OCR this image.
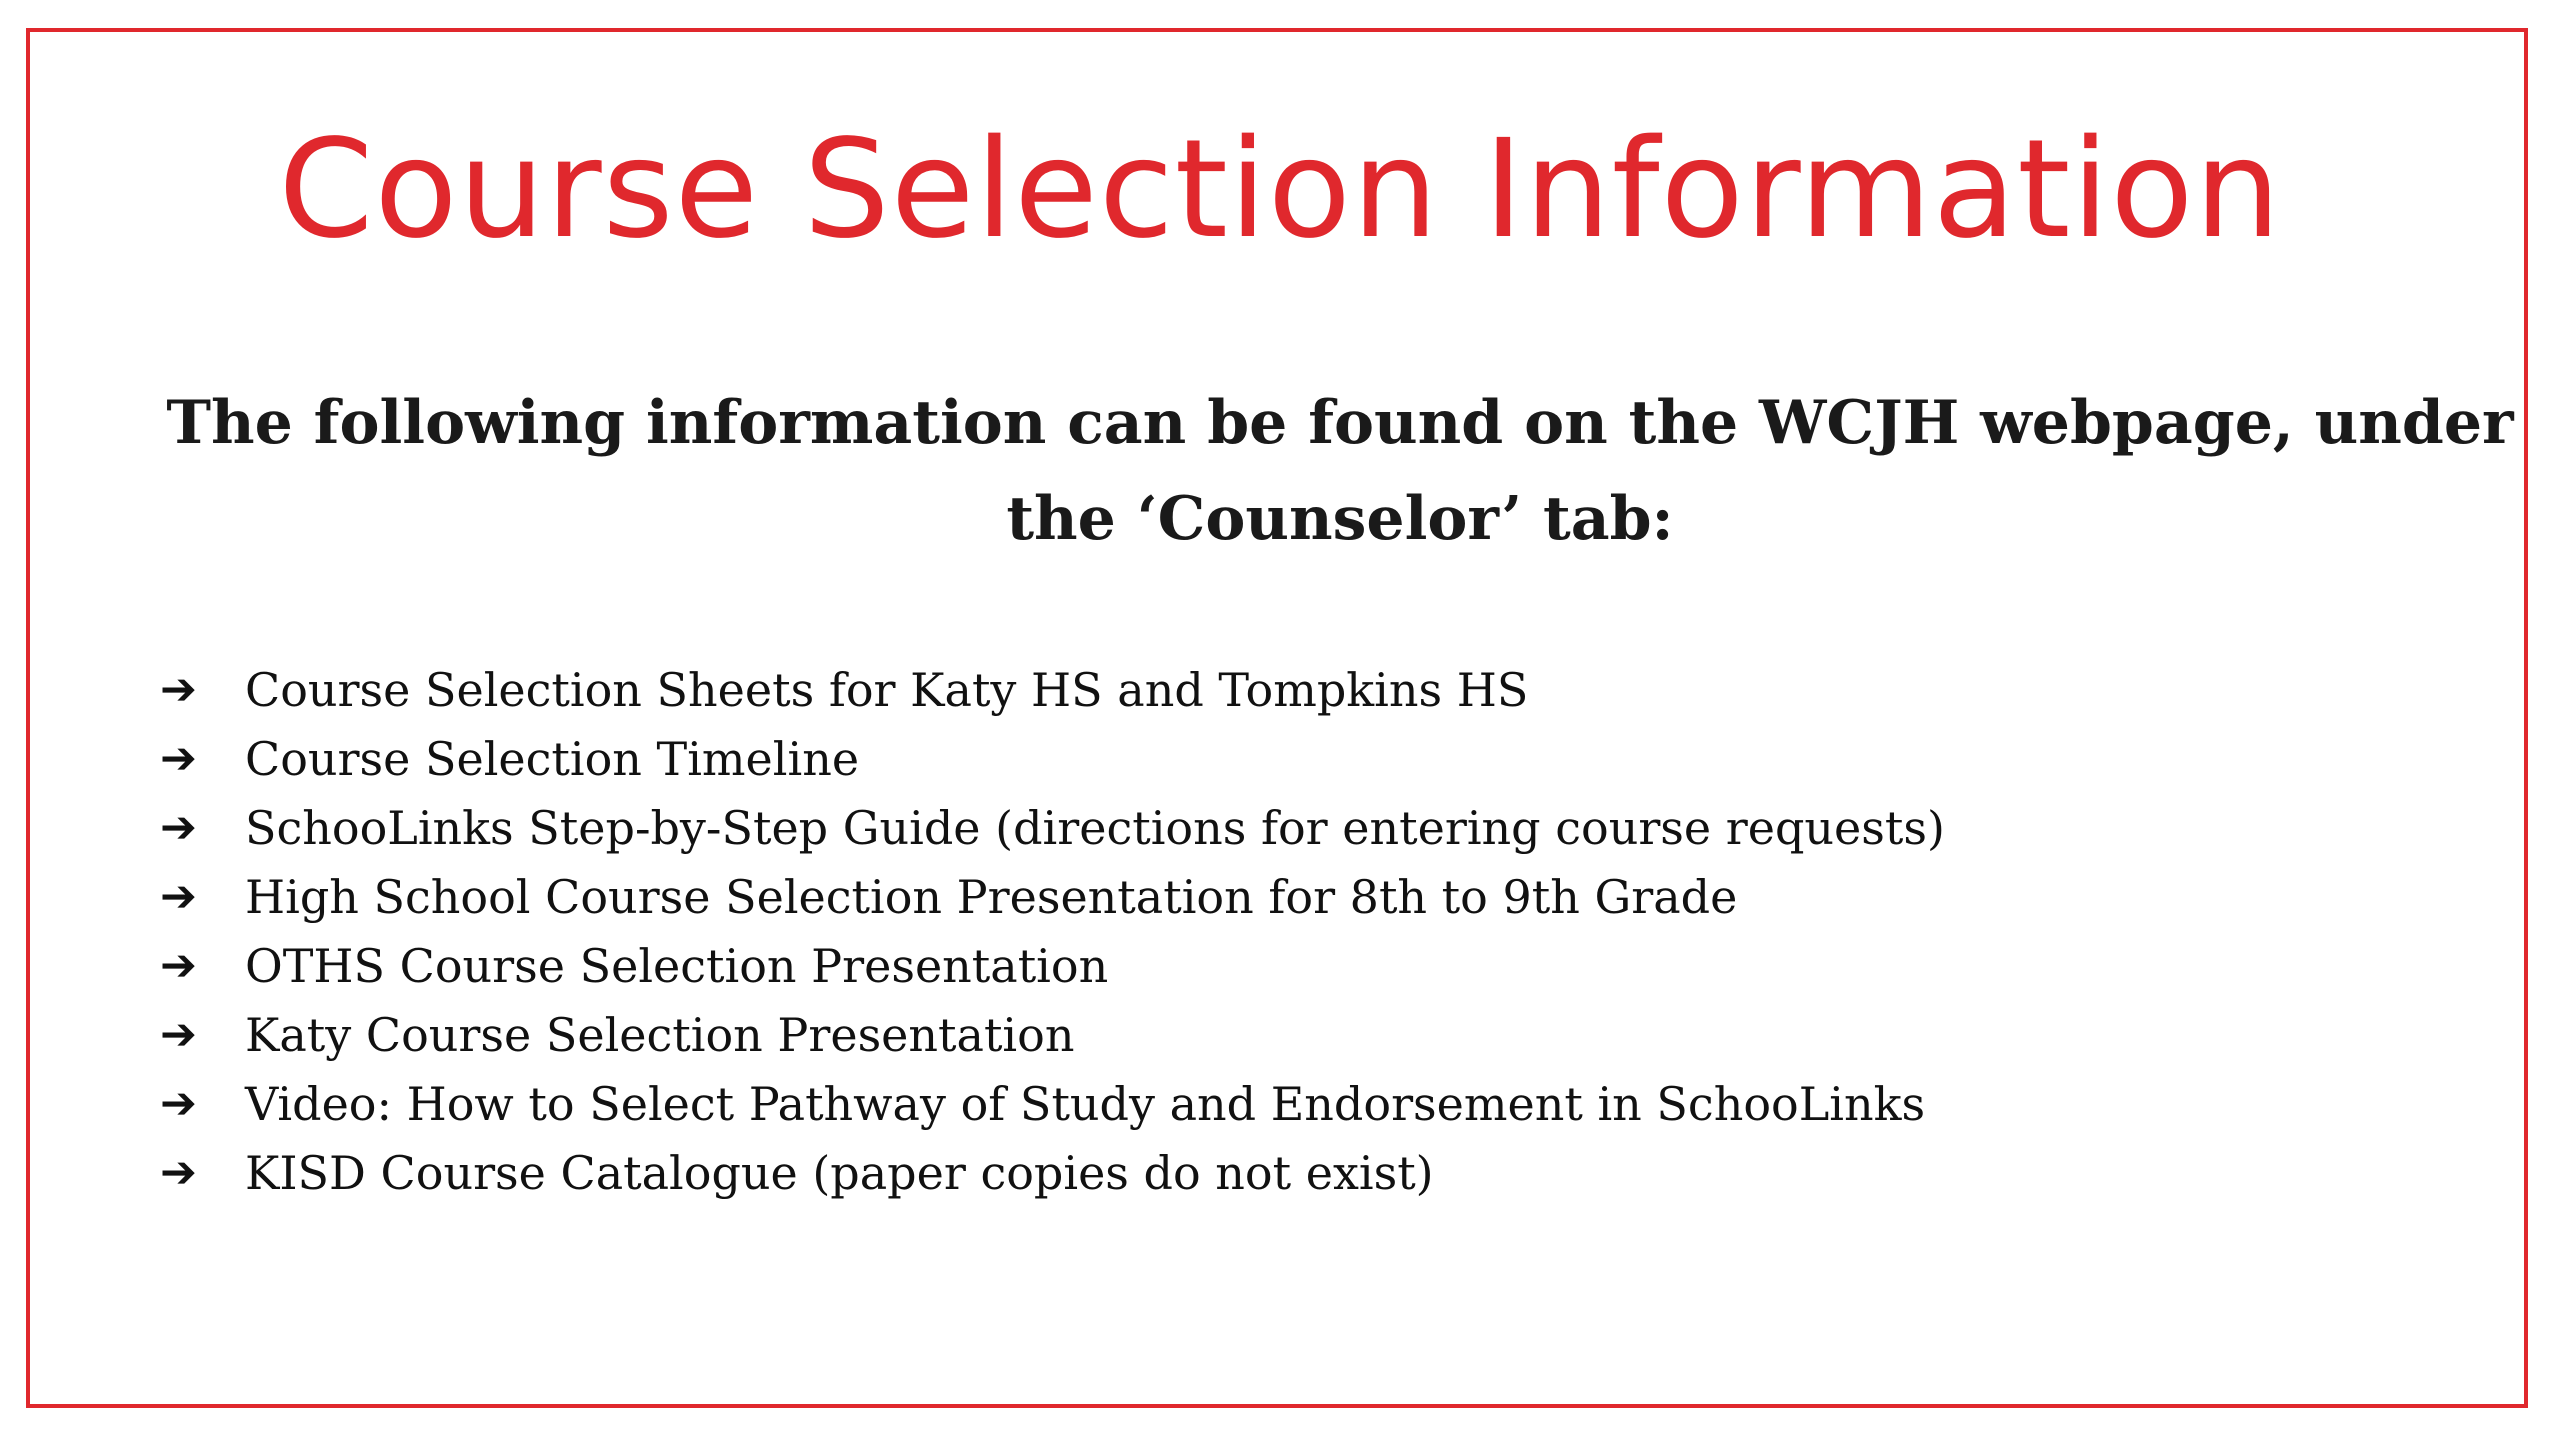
Course Selection Information
The following information can be found on the WCJH webpage, under the ‘Counselor’ tab:
➔	Course Selection Sheets for Katy HS and Tompkins HS
➔	Course Selection Timeline
➔	SchooLinks Step-by-Step Guide (directions for entering course requests)
➔	High School Course Selection Presentation for 8th to 9th Grade
➔	OTHS Course Selection Presentation
➔	Katy Course Selection Presentation
➔	Video: How to Select Pathway of Study and Endorsement in SchooLinks
➔	KISD Course Catalogue (paper copies do not exist)
